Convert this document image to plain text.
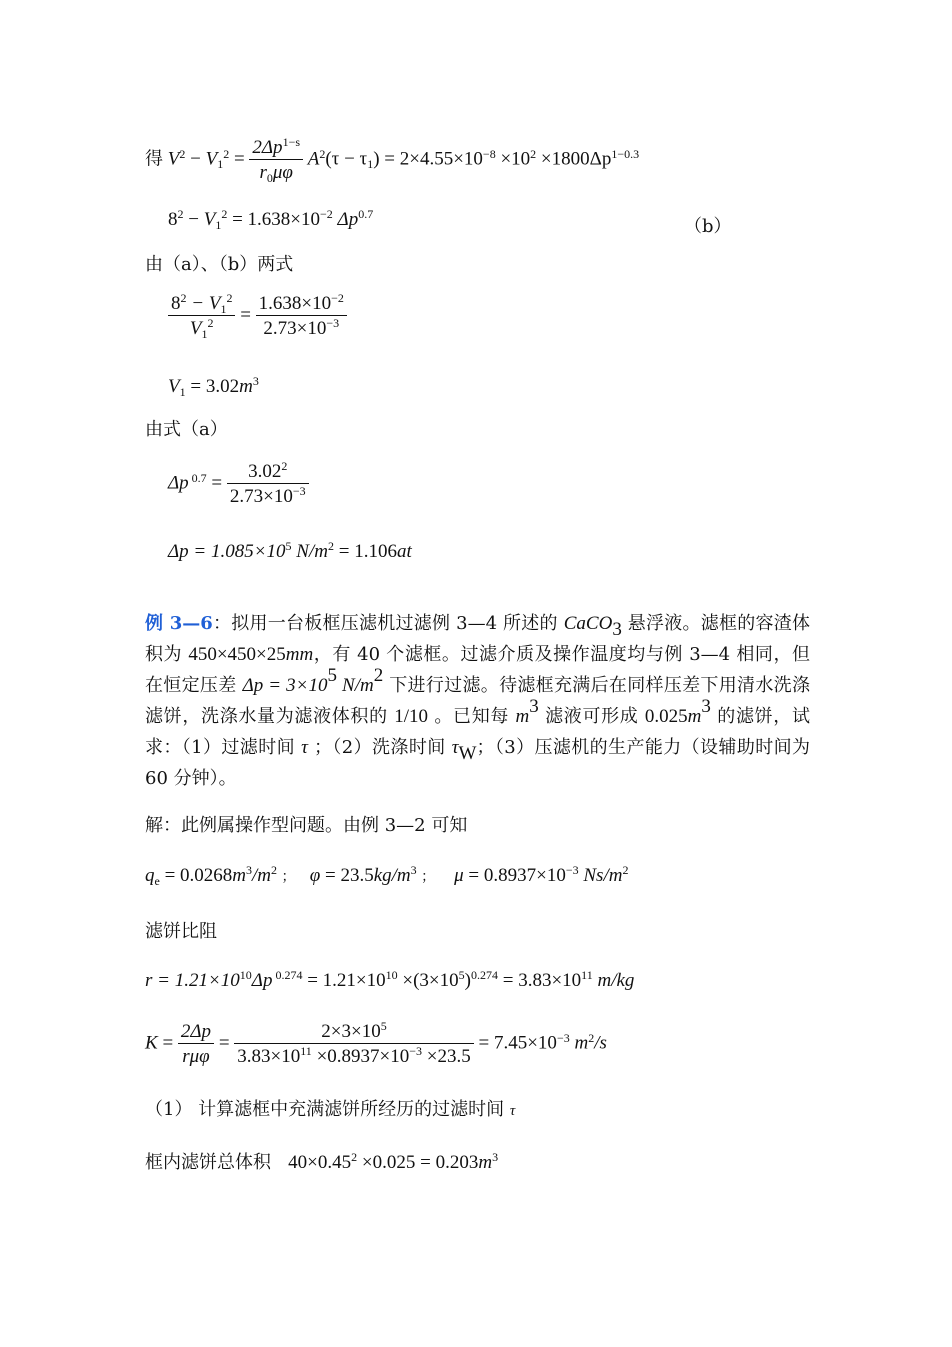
得 $V^2 - V_1^2 = \frac{2\Delta p^{1-s}}{r_0\mu\varphi} A^2(\tau - \tau_1) = 2\times 4.55\times 10^{-8} \times 10^2 \times 1800\Delta p^{1-0.3}$
$8^2 - V_1^2 = 1.638\times 10^{-2}$ $\Delta p^{0.7}$
（b）
由（a）、（b）两式
$\frac{8^2 - V_1^2}{V_1^2} = \frac{1.638\times 10^{-2}}{2.73\times 10^{-3}}$
$V_1 = 3.02m^3$
由式（a）
Δp $^{0.7} = \frac{3.02^2}{2.73\times 10^{-3}}$
$\Delta p = 1.085\times 10^5$ $N/m^2 = 1.106at$
例 3—6：拟用一台板框压滤机过滤例 3—4 所述的 CaCO$_3$ 悬浮液。滤框的容渣体积为 450×450×25mm，有 40 个滤框。过滤介质及操作温度均与例 3—4 相同，但在恒定压差 $\Delta p = 3\times 10^5$ $N/m^2$ 下进行过滤。待滤框充满后在同样压差下用清水洗涤滤饼，洗涤水量为滤液体积的 1/10 。已知每 $m^3$ 滤液可形成 $0.025m^3$ 的滤饼，试求：（1）过滤时间 τ ；（2）洗涤时间 $\tau_W$；（3）压滤机的生产能力（设辅助时间为 60 分钟）。
解：此例属操作型问题。由例 3—2 可知
$q_e = 0.0268m^3/m^2$ ； $\varphi = 23.5kg/m^3$ ； $\mu = 0.8937\times 10^{-3}$ $Ns/m^2$
滤饼比阻
$r = 1.21\times 10^{10}\Delta p$ $^{0.274} = 1.21\times 10^{10} \times(3\times 10^5)^{0.274} = 3.83\times 10^{11}$ m/kg
$K = \frac{2\Delta p}{\text{rμφ}} = \frac{2\times 3\times 10^5}{3.83\times 10^{11} \times 0.8937\times 10^{-3} \times 23.5} = 7.45\times 10^{-3}$ $m^2/s$
（1） 计算滤框中充满滤饼所经历的过滤时间 τ
框内滤饼总体积 $40\times 0.45^2 \times 0.025 = 0.203m^3$
